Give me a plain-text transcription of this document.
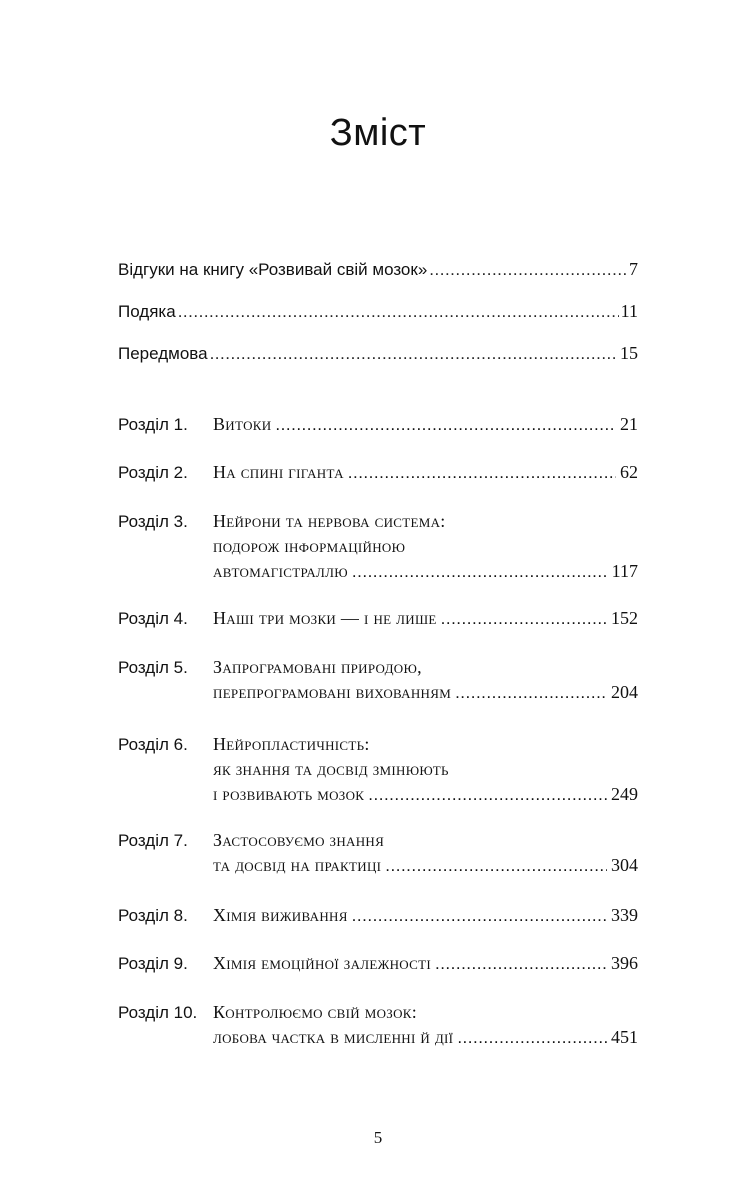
Зміст
Відгуки на книгу «Розвивай свій мозок» .....	7
Подяка .....	11
Передмова .....	15
Розділ 1. Витоки .....	21
Розділ 2. На спині гіганта .....	62
Розділ 3. Нейрони та нервова система:
подорож інформаційною
автомагістраллю .....	117
Розділ 4. Наші три мозки — і не лише .....	152
Розділ 5. Запрограмовані природою,
перепрограмовані вихованням .....	204
Розділ 6. Нейропластичність:
як знання та досвід змінюють
і розвивають мозок .....	249
Розділ 7. Застосовуємо знання
та досвід на практиці .....	304
Розділ 8. Хімія виживання .....	339
Розділ 9. Хімія емоційної залежності .....	396
Розділ 10. Контролюємо свій мозок:
лобова частка в мисленні й дії .....	451
5
